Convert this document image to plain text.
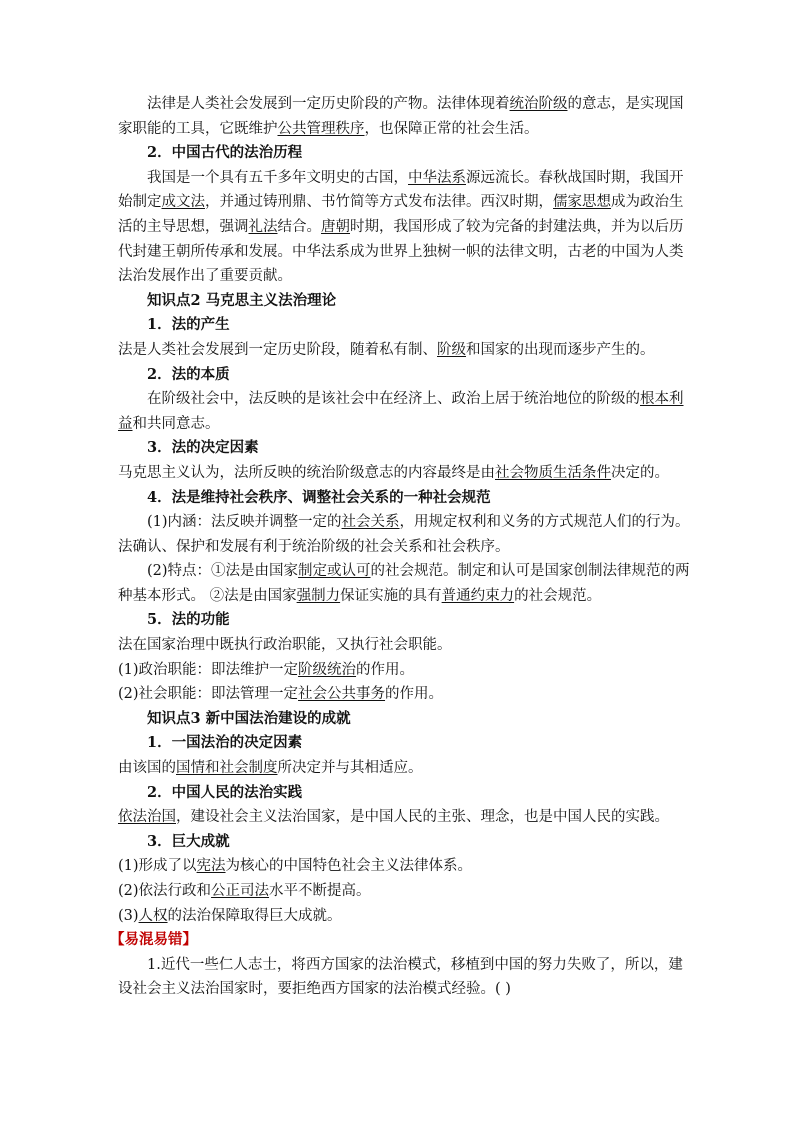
法律是人类社会发展到一定历史阶段的产物。法律体现着统治阶级的意志，是实现国
家职能的工具，它既维护公共管理秩序，也保障正常的社会生活。
2．中国古代的法治历程
我国是一个具有五千多年文明史的古国，中华法系源远流长。春秋战国时期，我国开
始制定成文法，并通过铸刑鼎、书竹简等方式发布法律。西汉时期，儒家思想成为政治生
活的主导思想，强调礼法结合。唐朝时期，我国形成了较为完备的封建法典，并为以后历
代封建王朝所传承和发展。中华法系成为世界上独树一帜的法律文明，古老的中国为人类
法治发展作出了重要贡献。
知识点2 马克思主义法治理论
1．法的产生
法是人类社会发展到一定历史阶段，随着私有制、阶级和国家的出现而逐步产生的。
2．法的本质
在阶级社会中，法反映的是该社会中在经济上、政治上居于统治地位的阶级的根本利
益和共同意志。
3．法的决定因素
马克思主义认为，法所反映的统治阶级意志的内容最终是由社会物质生活条件决定的。
4．法是维持社会秩序、调整社会关系的一种社会规范
(1)内涵：法反映并调整一定的社会关系，用规定权利和义务的方式规范人们的行为。
法确认、保护和发展有利于统治阶级的社会关系和社会秩序。
(2)特点：①法是由国家制定或认可的社会规范。制定和认可是国家创制法律规范的两
种基本形式。 ②法是由国家强制力保证实施的具有普通约束力的社会规范。
5．法的功能
法在国家治理中既执行政治职能，又执行社会职能。
(1)政治职能：即法维护一定阶级统治的作用。
(2)社会职能：即法管理一定社会公共事务的作用。
知识点3 新中国法治建设的成就
1．一国法治的决定因素
由该国的国情和社会制度所决定并与其相适应。
2．中国人民的法治实践
依法治国，建设社会主义法治国家，是中国人民的主张、理念，也是中国人民的实践。
3．巨大成就
(1)形成了以宪法为核心的中国特色社会主义法律体系。
(2)依法行政和公正司法水平不断提高。
(3)人权的法治保障取得巨大成就。
【易混易错】
1.近代一些仁人志士，将西方国家的法治模式，移植到中国的努力失败了，所以，建
设社会主义法治国家时，要拒绝西方国家的法治模式经验。( )
